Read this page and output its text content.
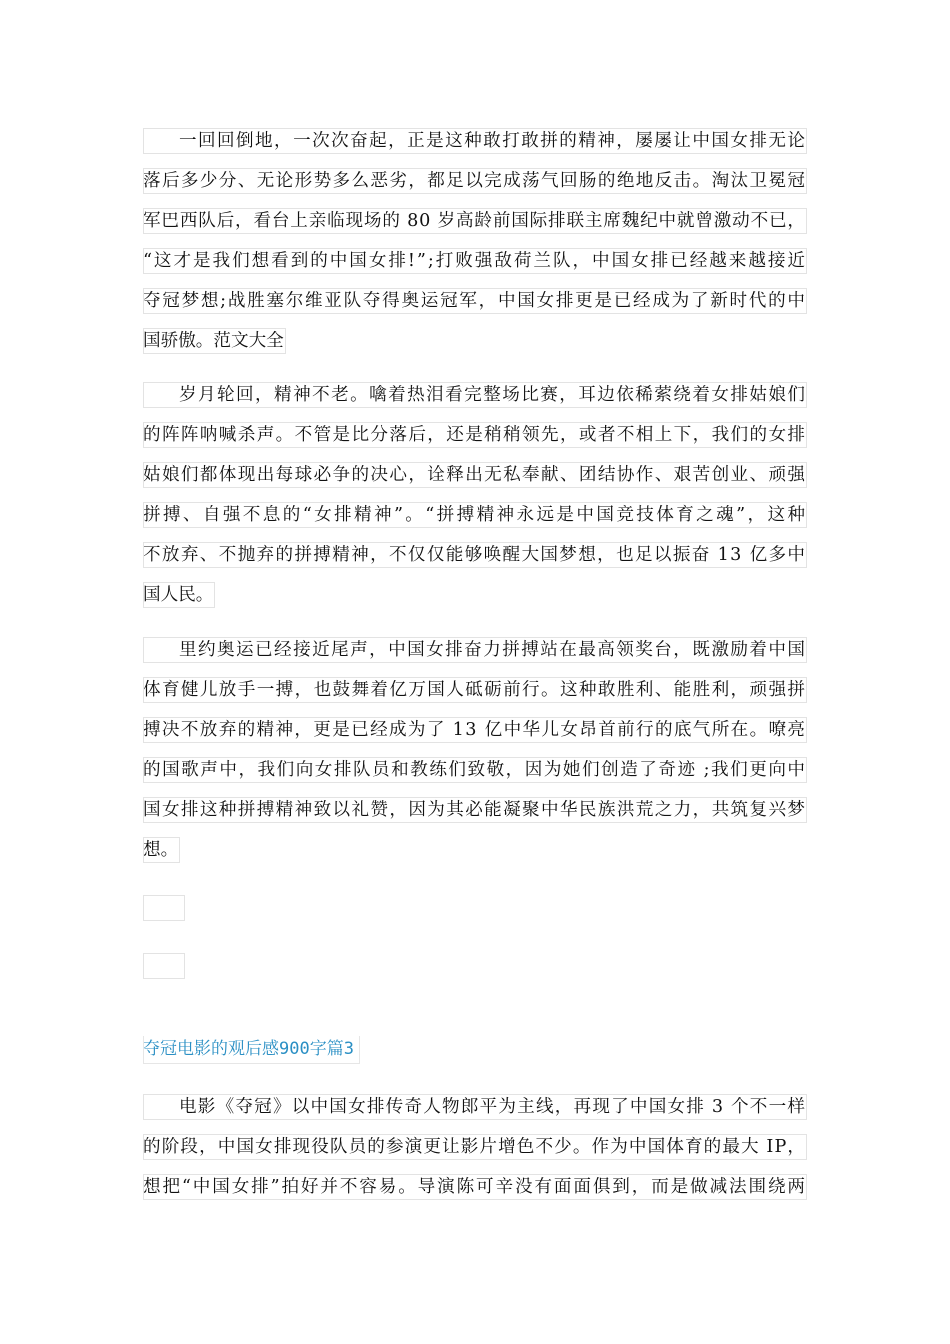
一回回倒地，一次次奋起，正是这种敢打敢拼的精神，屡屡让中国女排无论
落后多少分、无论形势多么恶劣，都足以完成荡气回肠的绝地反击。淘汰卫冕冠
军巴西队后，看台上亲临现场的 80 岁高龄前国际排联主席魏纪中就曾激动不已，
“这才是我们想看到的中国女排!”;打败强敌荷兰队，中国女排已经越来越接近
夺冠梦想;战胜塞尔维亚队夺得奥运冠军，中国女排更是已经成为了新时代的中
国骄傲。范文大全
岁月轮回，精神不老。噙着热泪看完整场比赛，耳边依稀萦绕着女排姑娘们
的阵阵呐喊杀声。不管是比分落后，还是稍稍领先，或者不相上下，我们的女排
姑娘们都体现出每球必争的决心，诠释出无私奉献、团结协作、艰苦创业、顽强
拼搏、自强不息的“女排精神”。“拼搏精神永远是中国竞技体育之魂”，这种
不放弃、不抛弃的拼搏精神，不仅仅能够唤醒大国梦想，也足以振奋 13 亿多中
国人民。
里约奥运已经接近尾声，中国女排奋力拼搏站在最高领奖台，既激励着中国
体育健儿放手一搏，也鼓舞着亿万国人砥砺前行。这种敢胜利、能胜利，顽强拼
搏决不放弃的精神，更是已经成为了 13 亿中华儿女昂首前行的底气所在。嘹亮
的国歌声中，我们向女排队员和教练们致敬，因为她们创造了奇迹 ;我们更向中
国女排这种拼搏精神致以礼赞，因为其必能凝聚中华民族洪荒之力，共筑复兴梦
想。
夺冠电影的观后感900字篇3
电影《夺冠》以中国女排传奇人物郎平为主线，再现了中国女排 3 个不一样
的阶段，中国女排现役队员的参演更让影片增色不少。作为中国体育的最大 IP，
想把“中国女排”拍好并不容易。导演陈可辛没有面面俱到，而是做减法围绕两
